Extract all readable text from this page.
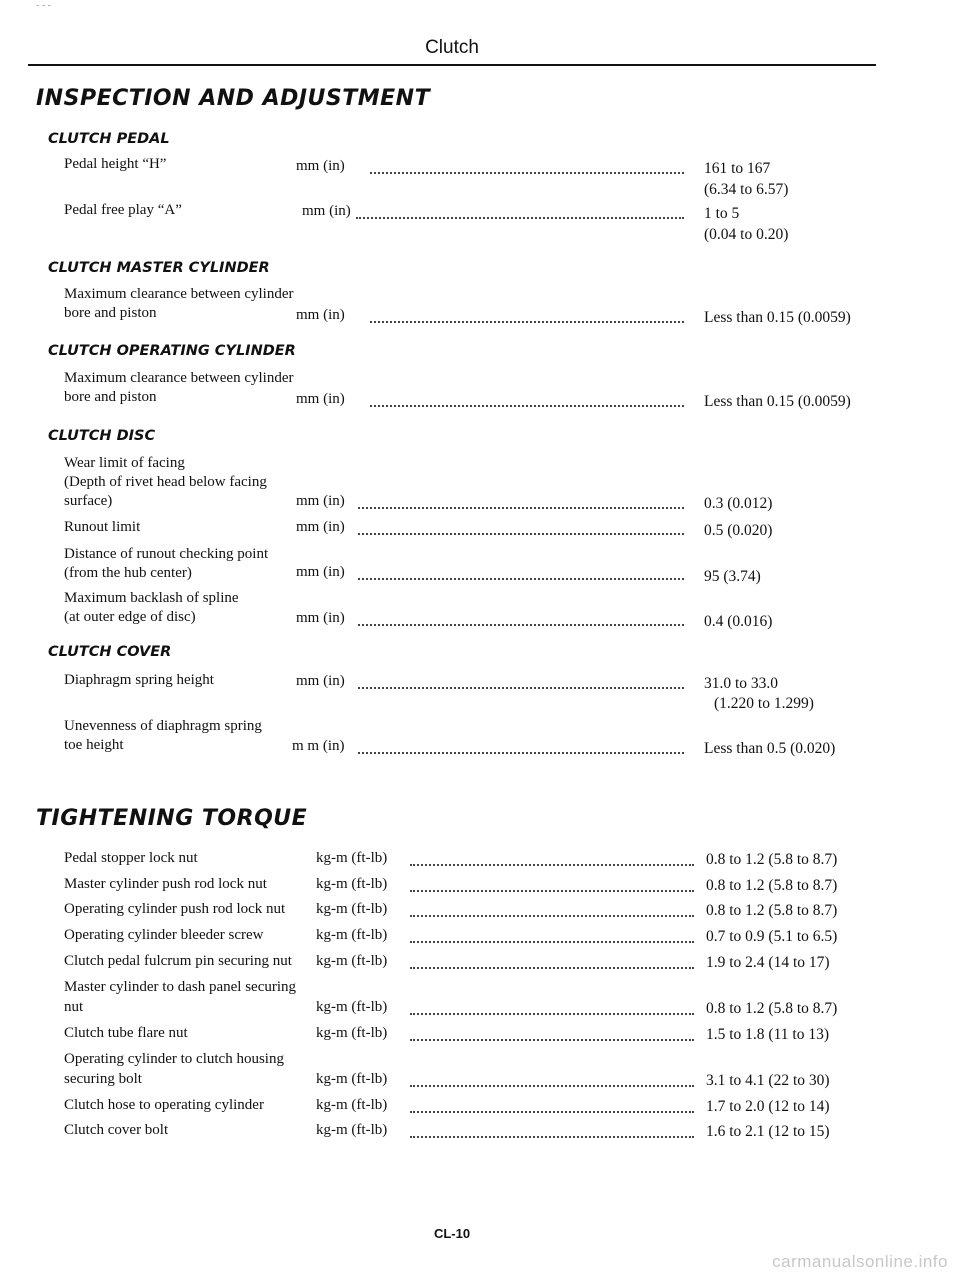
- - -
Clutch
INSPECTION AND ADJUSTMENT
CLUTCH PEDAL
Pedal height “H”	mm (in)	161 to 167
(6.34 to 6.57)
Pedal free play “A”	mm (in)	1 to 5
(0.04 to 0.20)
CLUTCH MASTER CYLINDER
Maximum clearance between cylinder
bore and piston	mm (in)	Less than 0.15 (0.0059)
CLUTCH OPERATING CYLINDER
Maximum clearance between cylinder
bore and piston	mm (in)	Less than 0.15 (0.0059)
CLUTCH DISC
Wear limit of facing
(Depth of rivet head below facing
surface)	mm (in)	0.3 (0.012)
Runout limit	mm (in)	0.5 (0.020)
Distance of runout checking point
(from the hub center)	mm (in)	95 (3.74)
Maximum backlash of spline
(at outer edge of disc)	mm (in)	0.4 (0.016)
CLUTCH COVER
Diaphragm spring height	mm (in)	31.0 to 33.0
(1.220 to 1.299)
Unevenness of diaphragm spring
toe height	m m (in)	Less than 0.5 (0.020)
TIGHTENING TORQUE
Pedal stopper lock nut	kg-m (ft-lb)	0.8 to 1.2 (5.8 to 8.7)
Master cylinder push rod lock nut	kg-m (ft-lb)	0.8 to 1.2 (5.8 to 8.7)
Operating cylinder push rod lock nut kg-m (ft-lb)	0.8 to 1.2 (5.8 to 8.7)
Operating cylinder bleeder screw	kg-m (ft-lb)	0.7 to 0.9 (5.1 to 6.5)
Clutch pedal fulcrum pin securing nut kg-m (ft-lb)	1.9 to 2.4 (14 to 17)
Master cylinder to dash panel securing
nut	kg-m (ft-lb)	0.8 to 1.2 (5.8 to 8.7)
Clutch tube flare nut	kg-m (ft-lb)	1.5 to 1.8 (11 to 13)
Operating cylinder to clutch housing
securing bolt	kg-m (ft-lb)	3.1 to 4.1 (22 to 30)
Clutch hose to operating cylinder	kg-m (ft-lb)	1.7 to 2.0 (12 to 14)
Clutch cover bolt	kg-m (ft-lb)	1.6 to 2.1 (12 to 15)
CL-10
carmanualsonline.info
